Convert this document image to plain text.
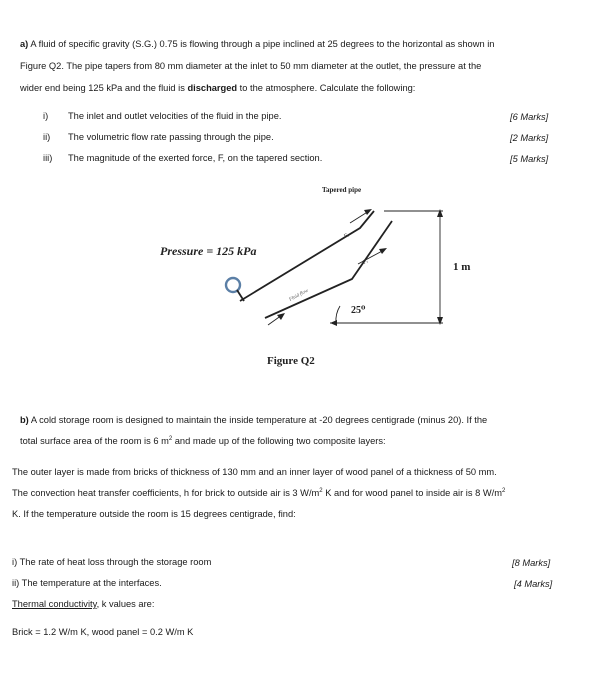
a) A fluid of specific gravity (S.G.) 0.75 is flowing through a pipe inclined at 25 degrees to the horizontal as shown in
Figure Q2. The pipe tapers from 80 mm diameter at the inlet to 50 mm diameter at the outlet, the pressure at the
wider end being 125 kPa and the fluid is discharged to the atmosphere. Calculate the following:
i) The inlet and outlet velocities of the fluid in the pipe.	[6 Marks]
ii) The volumetric flow rate passing through the pipe.	[2 Marks]
iii) The magnitude of the exerted force, F, on the tapered section.	[5 Marks]
Fluid flow
Fₓ
Fₓ
25⁰
Tapered pipe
Pressure = 125 kPa
1 m
Figure Q2
b) A cold storage room is designed to maintain the inside temperature at -20 degrees centigrade (minus 20). If the
total surface area of the room is 6 $m^2$ and made up of the following two composite layers:
The outer layer is made from bricks of thickness of 130 mm and an inner layer of wood panel of a thickness of 50 mm.
The convection heat transfer coefficients, h for brick to outside air is 3 $W/m^2$ K and for wood panel to inside air is 8 $W/m^2$
K. If the temperature outside the room is 15 degrees centigrade, find:
i) The rate of heat loss through the storage room	[8 Marks]
ii) The temperature at the interfaces.	[4 Marks]
Thermal conductivity, k values are:
Brick = 1.2 W/m K, wood panel = 0.2 W/m K
